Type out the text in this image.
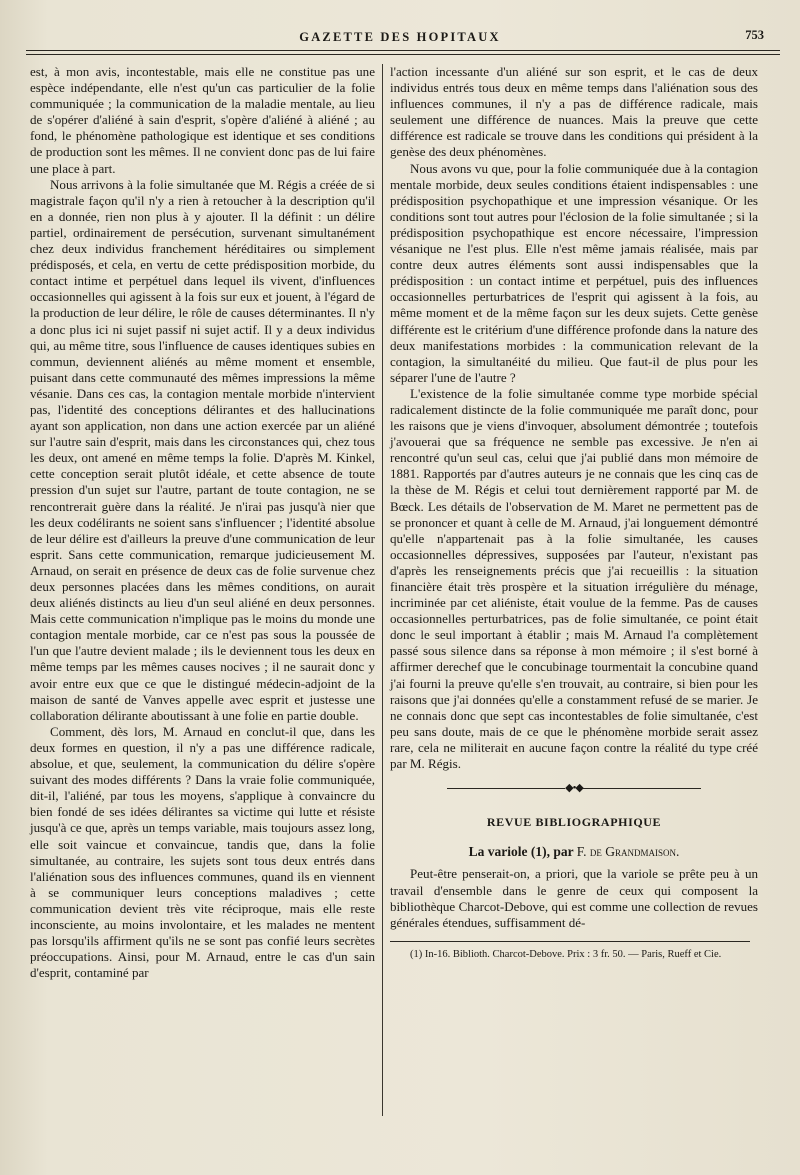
GAZETTE DES HOPITAUX	753

est, à mon avis, incontestable, mais elle ne constitue pas une espèce indépendante, elle n'est qu'un cas particulier de la folie communiquée ; la communication de la maladie mentale, au lieu de s'opérer d'aliéné à sain d'esprit, s'opère d'aliéné à aliéné ; au fond, le phénomène pathologique est identique et ses conditions de production sont les mêmes. Il ne convient donc pas de lui faire une place à part.

Nous arrivons à la folie simultanée que M. Régis a créée de si magistrale façon qu'il n'y a rien à retoucher à la description qu'il en a donnée, rien non plus à y ajouter. Il la définit : un délire partiel, ordinairement de persécution, survenant simultanément chez deux individus franchement héréditaires ou simplement prédisposés, et cela, en vertu de cette prédisposition morbide, du contact intime et perpétuel dans lequel ils vivent, d'influences occasionnelles qui agissent à la fois sur eux et jouent, à l'égard de la production de leur délire, le rôle de causes déterminantes. Il n'y a donc plus ici ni sujet passif ni sujet actif. Il y a deux individus qui, au même titre, sous l'influence de causes identiques subies en commun, deviennent aliénés au même moment et ensemble, puisant dans cette communauté des mêmes impressions la même vésanie. Dans ces cas, la contagion mentale morbide n'intervient pas, l'identité des conceptions délirantes et des hallucinations ayant son application, non dans une action exercée par un aliéné sur l'autre sain d'esprit, mais dans les circonstances qui, chez tous les deux, ont amené en même temps la folie. D'après M. Kinkel, cette conception serait plutôt idéale, et cette absence de toute pression d'un sujet sur l'autre, partant de toute contagion, ne se rencontrerait guère dans la réalité. Je n'irai pas jusqu'à nier que les deux codélirants ne soient sans s'influencer ; l'identité absolue de leur délire est d'ailleurs la preuve d'une communication de leur esprit. Sans cette communication, remarque judicieusement M. Arnaud, on serait en présence de deux cas de folie survenue chez deux personnes placées dans les mêmes conditions, on aurait deux aliénés distincts au lieu d'un seul aliéné en deux personnes. Mais cette communication n'implique pas le moins du monde une contagion mentale morbide, car ce n'est pas sous la poussée de l'un que l'autre devient malade ; ils le deviennent tous les deux en même temps par les mêmes causes nocives ; il ne saurait donc y avoir entre eux que ce que le distingué médecin-adjoint de la maison de santé de Vanves appelle avec esprit et justesse une collaboration délirante aboutissant à une folie en partie double.

Comment, dès lors, M. Arnaud en conclut-il que, dans les deux formes en question, il n'y a pas une différence radicale, absolue, et que, seulement, la communication du délire s'opère suivant des modes différents ? Dans la vraie folie communiquée, dit-il, l'aliéné, par tous les moyens, s'applique à convaincre du bien fondé de ses idées délirantes sa victime qui lutte et résiste jusqu'à ce que, après un temps variable, mais toujours assez long, elle soit vaincue et convaincue, tandis que, dans la folie simultanée, au contraire, les sujets sont tous deux entrés dans l'aliénation sous des influences communes, quand ils en viennent à se communiquer leurs conceptions maladives ; cette communication devient très vite réciproque, mais elle reste inconsciente, au moins involontaire, et les malades ne mentent pas lorsqu'ils affirment qu'ils ne se sont pas confié leurs secrètes préoccupations. Ainsi, pour M. Arnaud, entre le cas d'un sain d'esprit, contaminé par

l'action incessante d'un aliéné sur son esprit, et le cas de deux individus entrés tous deux en même temps dans l'aliénation sous des influences communes, il n'y a pas de différence radicale, mais seulement une différence de nuances. Mais la preuve que cette différence est radicale se trouve dans les conditions qui président à la genèse des deux phénomènes.

Nous avons vu que, pour la folie communiquée due à la contagion mentale morbide, deux seules conditions étaient indispensables : une prédisposition psychopathique et une impression vésanique. Or les conditions sont tout autres pour l'éclosion de la folie simultanée ; si la prédisposition psychopathique est encore nécessaire, l'impression vésanique ne l'est plus. Elle n'est même jamais réalisée, mais par contre deux autres éléments sont aussi indispensables que la prédisposition : un contact intime et perpétuel, puis des influences occasionnelles perturbatrices de l'esprit qui agissent à la fois, au même moment et de la même façon sur les deux sujets. Cette genèse différente est le critérium d'une différence profonde dans la nature des deux manifestations morbides : la communication relevant de la contagion, la simultanéité du milieu. Que faut-il de plus pour les séparer l'une de l'autre ?

L'existence de la folie simultanée comme type morbide spécial radicalement distincte de la folie communiquée me paraît donc, pour les raisons que je viens d'invoquer, absolument démontrée ; toutefois j'avouerai que sa fréquence ne semble pas excessive. Je n'en ai rencontré qu'un seul cas, celui que j'ai publié dans mon mémoire de 1881. Rapportés par d'autres auteurs je ne connais que les cinq cas de la thèse de M. Régis et celui tout dernièrement rapporté par M. de Bœck. Les détails de l'observation de M. Maret ne permettent pas de se prononcer et quant à celle de M. Arnaud, j'ai longuement démontré qu'elle n'appartenait pas à la folie simultanée, les causes occasionnelles dépressives, supposées par l'auteur, n'existant pas d'après les renseignements précis que j'ai recueillis : la situation financière était très prospère et la situation irrégulière du ménage, incriminée par cet aliéniste, était voulue de la femme. Pas de causes occasionnelles perturbatrices, pas de folie simultanée, ce point était donc le seul important à établir ; mais M. Arnaud l'a complètement passé sous silence dans sa réponse à mon mémoire ; il s'est borné à affirmer derechef que le concubinage tourmentait la concubine quand j'ai fourni la preuve qu'elle s'en trouvait, au contraire, si bien pour les raisons que j'ai données qu'elle a constamment refusé de se marier. Je ne connais donc que sept cas incontestables de folie simultanée, c'est peu sans doute, mais de ce que le phénomène morbide serait assez rare, cela ne militerait en aucune façon contre la réalité du type créé par M. Régis.

◆•◆
REVUE BIBLIOGRAPHIQUE
La variole (1), par F. de Grandmaison.

Peut-être penserait-on, a priori, que la variole se prête peu à un travail d'ensemble dans le genre de ceux qui composent la bibliothèque Charcot-Debove, qui est comme une collection de revues générales étendues, suffisamment dé-

(1) In-16. Biblioth. Charcot-Debove. Prix : 3 fr. 50. — Paris, Rueff et Cie.
